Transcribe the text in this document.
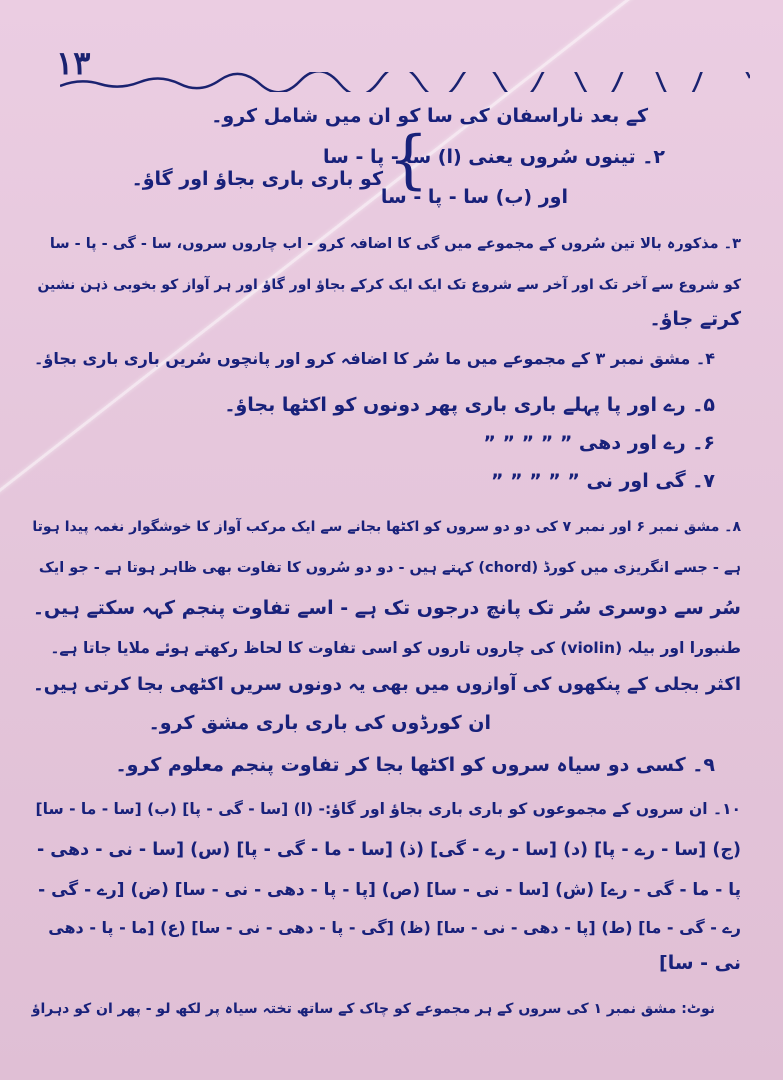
۱۳
کے بعد ناراسفان کی سا کو ان میں شامل کرو۔
۲۔ تینوں سُروں یعنی (ا) سا - پا - سا
اور (ب) سا - پا - سا
{
کو باری باری بجاؤ اور گاؤ۔
۳۔ مذکورہ بالا تین سُروں کے مجموعے میں گی کا اضافہ کرو - اب چاروں سروں، سا - گی - پا - سا
کو شروع سے آخر تک اور آخر سے شروع تک ایک ایک کرکے بجاؤ اور گاؤ اور ہر آواز کو بخوبی ذہن نشین
کرتے جاؤ۔
۴۔ مشق نمبر ۳ کے مجموعے میں ما سُر کا اضافہ کرو اور پانچوں سُریں باری باری بجاؤ۔
۵۔ رے اور پا پہلے باری باری پھر دونوں کو اکٹھا بجاؤ۔
۶۔ رے اور دھی ” ” ” ” ”
۷۔ گی اور نی ” ” ” ” ”
۸۔ مشق نمبر ۶ اور نمبر ۷ کی دو دو سروں کو اکٹھا بجانے سے ایک مرکب آواز کا خوشگوار نغمہ پیدا ہوتا
ہے - جسے انگریزی میں کورڈ (chord) کہتے ہیں - دو دو سُروں کا تفاوت بھی ظاہر ہوتا ہے - جو ایک
سُر سے دوسری سُر تک پانچ درجوں تک ہے - اسے تفاوت پنجم کہہ سکتے ہیں۔
طنبورا اور بیلہ (violin) کی چاروں تاروں کو اسی تفاوت کا لحاظ رکھتے ہوئے ملایا جاتا ہے۔
اکثر بجلی کے پنکھوں کی آوازوں میں بھی یہ دونوں سریں اکٹھی بجا کرتی ہیں۔
ان کورڈوں کی باری باری مشق کرو۔
۹۔ کسی دو سیاہ سروں کو اکٹھا بجا کر تفاوت پنجم معلوم کرو۔
۱۰۔ ان سروں کے مجموعوں کو باری باری بجاؤ اور گاؤ:- (ا) [سا - گی - پا] (ب) [سا - ما - سا]
(ج) [سا - رے - پا] (د) [سا - رے - گی] (ذ) [سا - ما - گی - پا] (س) [سا - نی - دھی -
پا - ما - گی - رے] (ش) [سا - نی - سا] (ص) [پا - پا - دھی - نی - سا] (ض) [رے - گی -
رے - گی - ما] (ط) [پا - دھی - نی - سا] (ظ) [گی - پا - دھی - نی - سا] (ع) [ما - پا - دھی
نی - سا]
نوٹ: مشق نمبر ۱ کی سروں کے ہر مجموعے کو چاک کے ساتھ تختہ سیاہ پر لکھ لو - پھر ان کو دہراؤ
